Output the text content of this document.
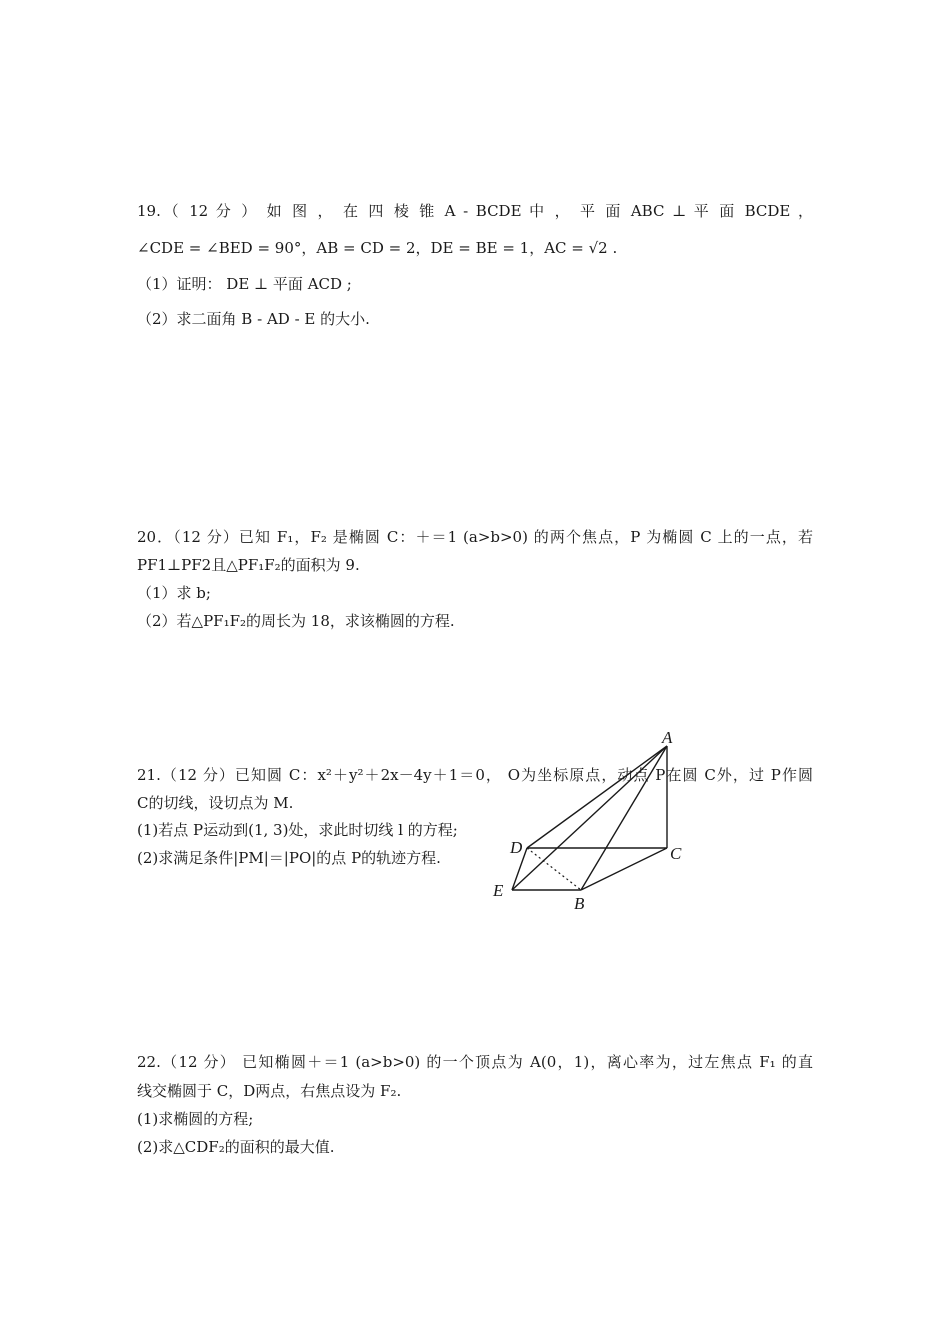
19.（ 12 分 ） 如 图 ， 在 四 棱 锥 A - BCDE 中 ， 平 面 ABC ⊥ 平 面 BCDE ，
∠CDE = ∠BED = 90°，AB = CD = 2，DE = BE = 1，AC = √2 .
（1）证明： DE ⊥ 平面 ACD ;
（2）求二面角 B - AD - E 的大小.
20．（12 分）已知 F₁，F₂ 是椭圆 C：＋＝1 (a>b>0) 的两个焦点，P 为椭圆 C 上的一点，若
PF1⊥PF2且△PF₁F₂的面积为 9.
（1）求 b;
（2）若△PF₁F₂的周长为 18，求该椭圆的方程.
21.（12 分）已知圆 C：x²＋y²＋2x－4y＋1＝0， O为坐标原点，动点 P在圆 C外，过 P作圆
C的切线，设切点为 M.
(1)若点 P运动到(1, 3)处，求此时切线 l 的方程;
(2)求满足条件|PM|＝|PO|的点 P的轨迹方程.
A
D	C
E
B
22.（12 分） 已知椭圆＋＝1 (a>b>0) 的一个顶点为 A(0，1)，离心率为，过左焦点 F₁ 的直
线交椭圆于 C，D两点，右焦点设为 F₂.
(1)求椭圆的方程;
(2)求△CDF₂的面积的最大值.
